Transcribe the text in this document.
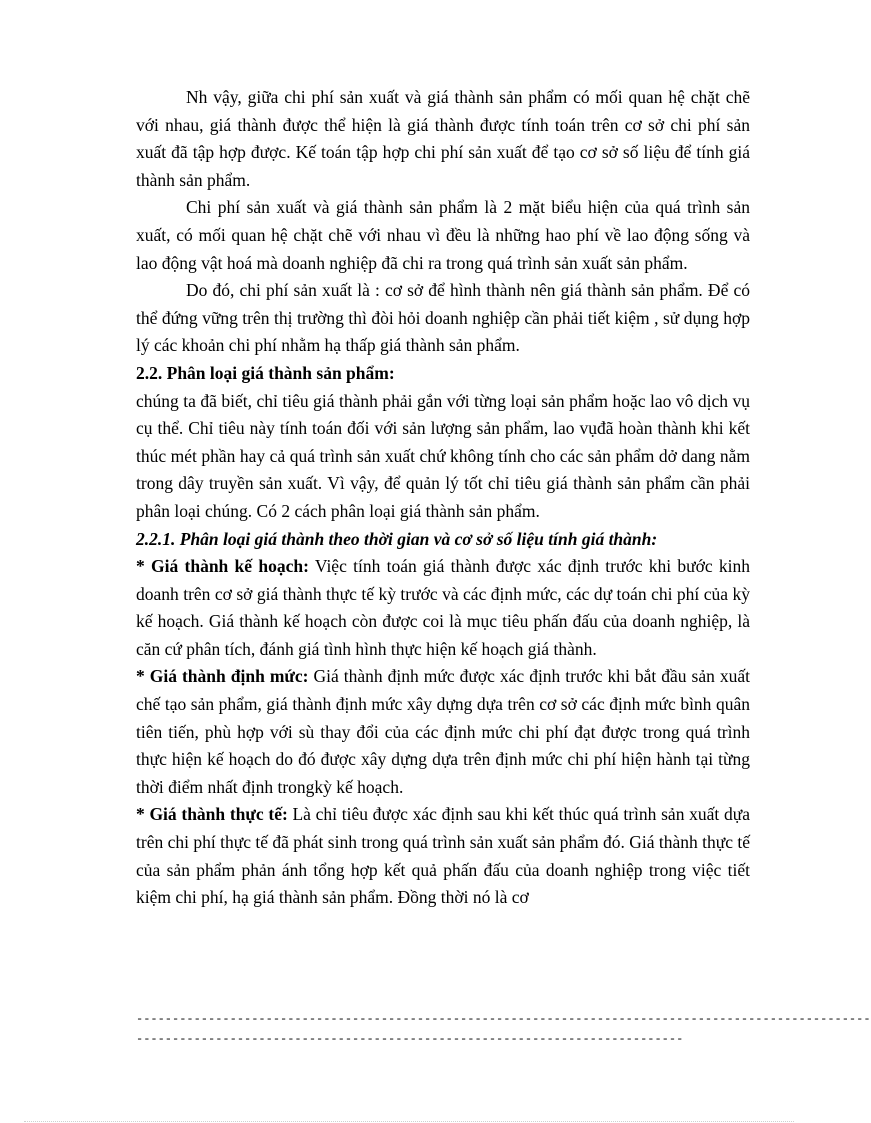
Nh vậy, giữa chi phí sản xuất và giá thành sản phẩm có mối quan hệ chặt chẽ với nhau, giá thành được thể hiện là giá thành được tính toán trên cơ sở chi phí sản xuất đã tập hợp được. Kế toán tập hợp chi phí sản xuất để tạo cơ sở số liệu để tính giá thành sản phẩm.

Chi phí sản xuất và giá thành sản phẩm là 2 mặt biểu hiện của quá trình sản xuất, có mối quan hệ chặt chẽ với nhau vì đều là những hao phí về lao động sống và lao động vật hoá mà doanh nghiệp đã chi ra trong quá trình sản xuất sản phẩm.

Do đó, chi phí sản xuất là : cơ sở để hình thành nên giá thành sản phẩm. Để có thể đứng vững trên thị trường thì đòi hỏi doanh nghiệp cần phải tiết kiệm , sử dụng hợp lý các khoản chi phí nhằm hạ thấp giá thành sản phẩm.

2.2. Phân loại giá thành sản phẩm:

chúng ta đã biết, chỉ tiêu giá thành phải gắn với từng loại sản phẩm hoặc lao vô dịch vụ cụ thể. Chỉ tiêu này tính toán đối với sản lượng sản phẩm, lao vụđã hoàn thành khi kết thúc mét phần hay cả quá trình sản xuất chứ không tính cho các sản phẩm dở dang nằm trong dây truyền sản xuất. Vì vậy, để quản lý tốt chỉ tiêu giá thành sản phẩm cần phải phân loại chúng. Có 2 cách phân loại giá thành sản phẩm.

2.2.1. Phân loại giá thành theo thời gian và cơ sở số liệu tính giá thành:

* Giá thành kế hoạch: Việc tính toán giá thành được xác định trước khi bước kinh doanh trên cơ sở giá thành thực tế kỳ trước và các định mức, các dự toán chi phí của kỳ kế hoạch. Giá thành kế hoạch còn được coi là mục tiêu phấn đấu của doanh nghiệp, là căn cứ phân tích, đánh giá tình hình thực hiện kế hoạch giá thành.

* Giá thành định mức: Giá thành định mức được xác định trước khi bắt đầu sản xuất chế tạo sản phẩm, giá thành định mức xây dựng dựa trên cơ sở các định mức bình quân tiên tiến, phù hợp với sù thay đổi của các định mức chi phí đạt được trong quá trình thực hiện kế hoạch do đó được xây dựng dựa trên định mức chi phí hiện hành tại từng thời điểm nhất định trongkỳ kế hoạch.

* Giá thành thực tế: Là chỉ tiêu được xác định sau khi kết thúc quá trình sản xuất dựa trên chi phí thực tế đã phát sinh trong quá trình sản xuất sản phẩm đó. Giá thành thực tế của sản phẩm phản ánh tổng hợp kết quả phấn đấu của doanh nghiệp trong việc tiết kiệm chi phí, hạ giá thành sản phẩm. Đồng thời nó là cơ

------------------------------------------------------------------------------------------------------
----------------------------------------------------------------------------
